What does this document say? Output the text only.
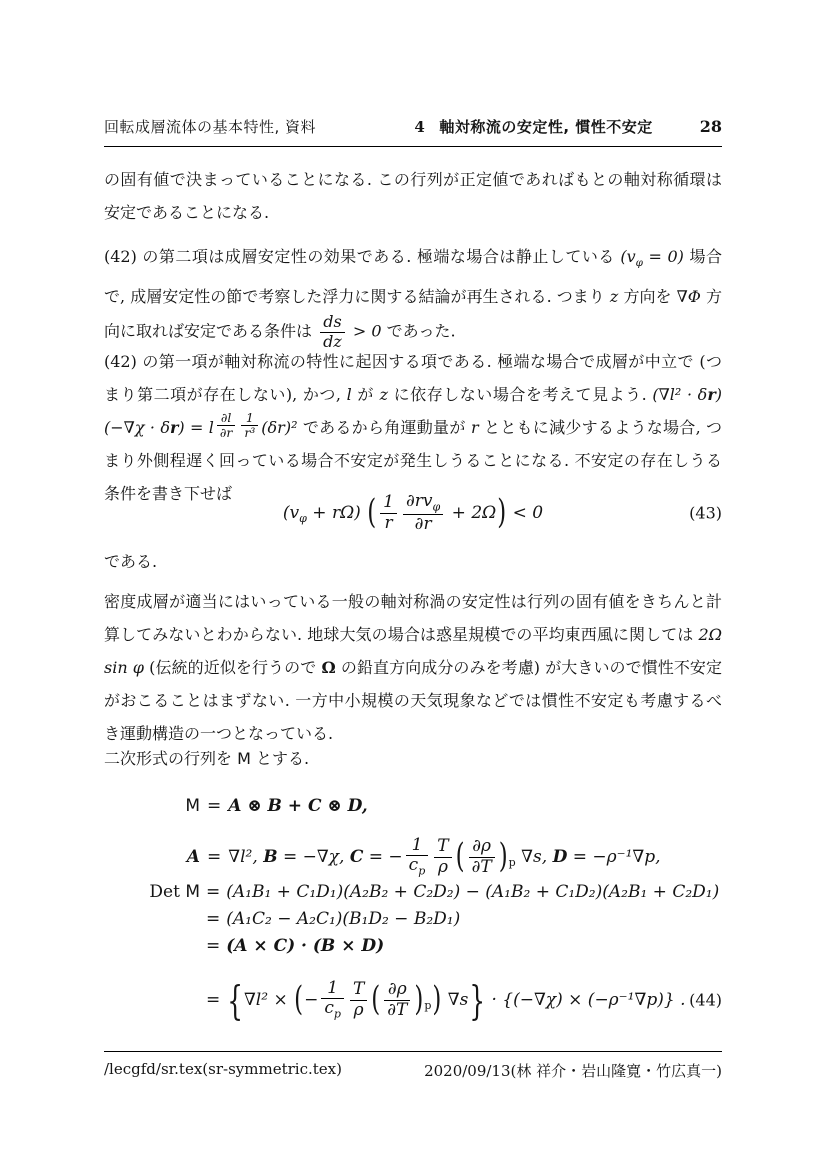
回転成層流体の基本特性, 資料	4 軸対称流の安定性, 慣性不安定	28

の固有値で決まっていることになる. この行列が正定値であればもとの軸対称循環は安定であることになる.

(42) の第二項は成層安定性の効果である. 極端な場合は静止している $(v_\varphi = 0)$ 場合で, 成層安定性の節で考察した浮力に関する結論が再生される. つまり z 方向を ∇Φ 方向に取れば安定である条件は $\frac{ds}{dz} > 0$ であった.

(42) の第一項が軸対称流の特性に起因する項である. 極端な場合で成層が中立で (つまり第二項が存在しない), かつ, l が z に依存しない場合を考えて見よう. (∇l² · δr)(−∇χ · δr) = l $\frac{\partial l}{\partial r} \frac{1}{\text{r³}} (\delta r)^2$ であるから角運動量が r とともに減少するような場合, つまり外側程遅く回っている場合不安定が発生しうることになる. 不安定の存在しうる条件を書き下せば

$(v_\varphi + r\Omega)$ ( $\frac{1}{r} \frac{\partial rv_\varphi}{\partial r} + 2\Omega) < 0$	(43)

である.

密度成層が適当にはいっている一般の軸対称渦の安定性は行列の固有値をきちんと計算してみないとわからない. 地球大気の場合は惑星規模での平均東西風に関しては 2Ω sin φ (伝統的近似を行うので Ω の鉛直方向成分のみを考慮) が大きいので慣性不安定がおこることはまずない. 一方中小規模の天気現象などでは慣性不安定も考慮するべき運動構造の一つとなっている.

二次形式の行列を M とする.

M = A ⊗ B + C ⊗ D,
A = ∇l², B = −∇χ, C = − $\frac{1}{c_p} \frac{T}{\rho}$ ( $\frac{\partial\rho}{\partial T} )_p$ ∇s, D = −ρ⁻¹∇p,
Det M = (A₁B₁ + C₁D₁)(A₂B₂ + C₂D₂) − (A₁B₂ + C₁D₂)(A₂B₁ + C₂D₁)
= (A₁C₂ − A₂C₁)(B₁D₂ − B₂D₁)
= (A × C) · (B × D)
= {∇l² × (− $\frac{1}{c_p} \frac{T}{\rho}$ ( $\frac{\partial\rho}{\partial T} )_p$) ∇s} · {(−∇χ) × (−ρ⁻¹∇p)} . (44)
/lecgfd/sr.tex(sr-symmetric.tex)	2020/09/13(林 祥介・岩山隆寛・竹広真一)
